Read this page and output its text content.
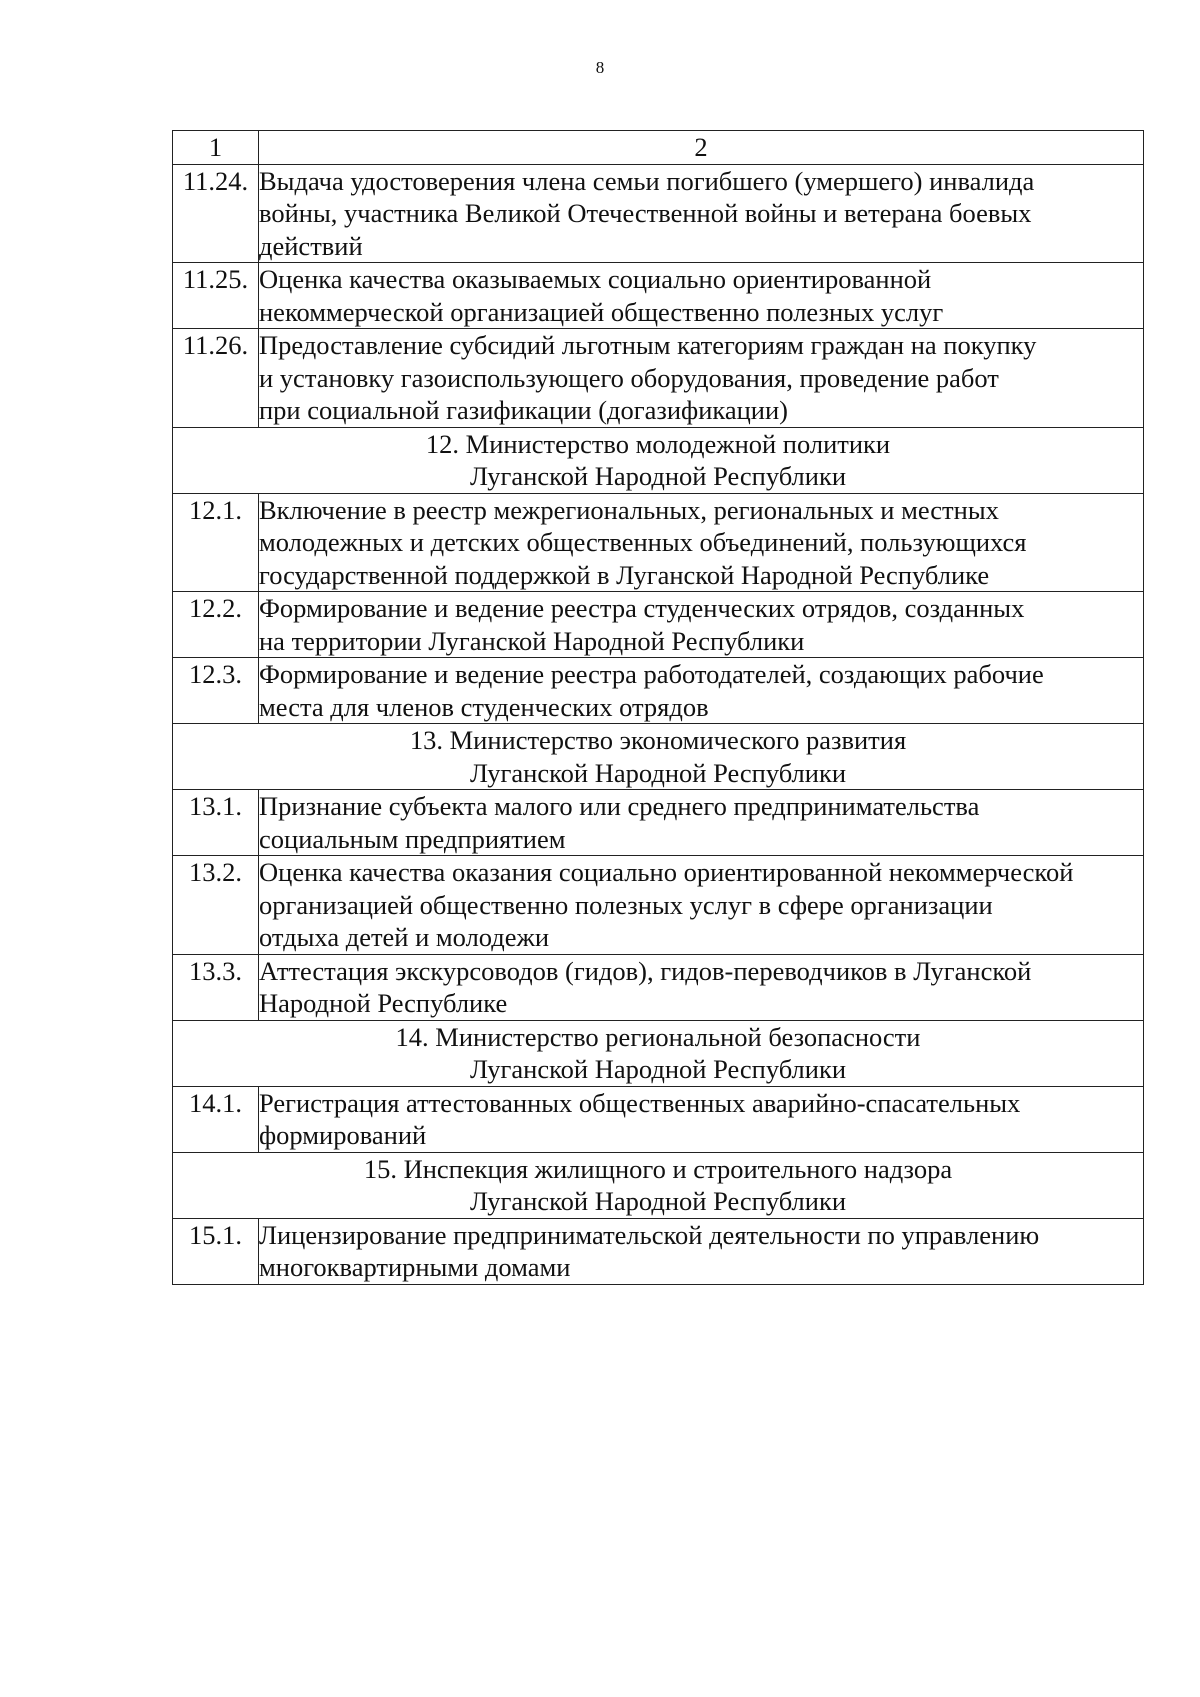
8
1	2
11.24.	Выдача удостоверения члена семьи погибшего (умершего) инвалида
войны, участника Великой Отечественной войны и ветерана боевых
действий

11.25.	Оценка качества оказываемых социально ориентированной
некоммерческой организацией общественно полезных услуг

11.26.	Предоставление субсидий льготным категориям граждан на покупку
и установку газоиспользующего оборудования, проведение работ
при социальной газификации (догазификации)

12. Министерство молодежной политики
Луганской Народной Республики	

12.1.	Включение в реестр межрегиональных, региональных и местных
молодежных и детских общественных объединений, пользующихся
государственной поддержкой в Луганской Народной Республике

12.2.	Формирование и ведение реестра студенческих отрядов, созданных
на территории Луганской Народной Республики

12.3.	Формирование и ведение реестра работодателей, создающих рабочие
места для членов студенческих отрядов

13. Министерство экономического развития
Луганской Народной Республики	

13.1.	Признание субъекта малого или среднего предпринимательства
социальным предприятием

13.2.	Оценка качества оказания социально ориентированной некоммерческой
организацией общественно полезных услуг в сфере организации
отдыха детей и молодежи

13.3.	Аттестация экскурсоводов (гидов), гидов-переводчиков в Луганской
Народной Республике

14. Министерство региональной безопасности
Луганской Народной Республики	

14.1.	Регистрация аттестованных общественных аварийно-спасательных
формирований

15. Инспекция жилищного и строительного надзора
Луганской Народной Республики	

15.1.	Лицензирование предпринимательской деятельности по управлению
многоквартирными домами
